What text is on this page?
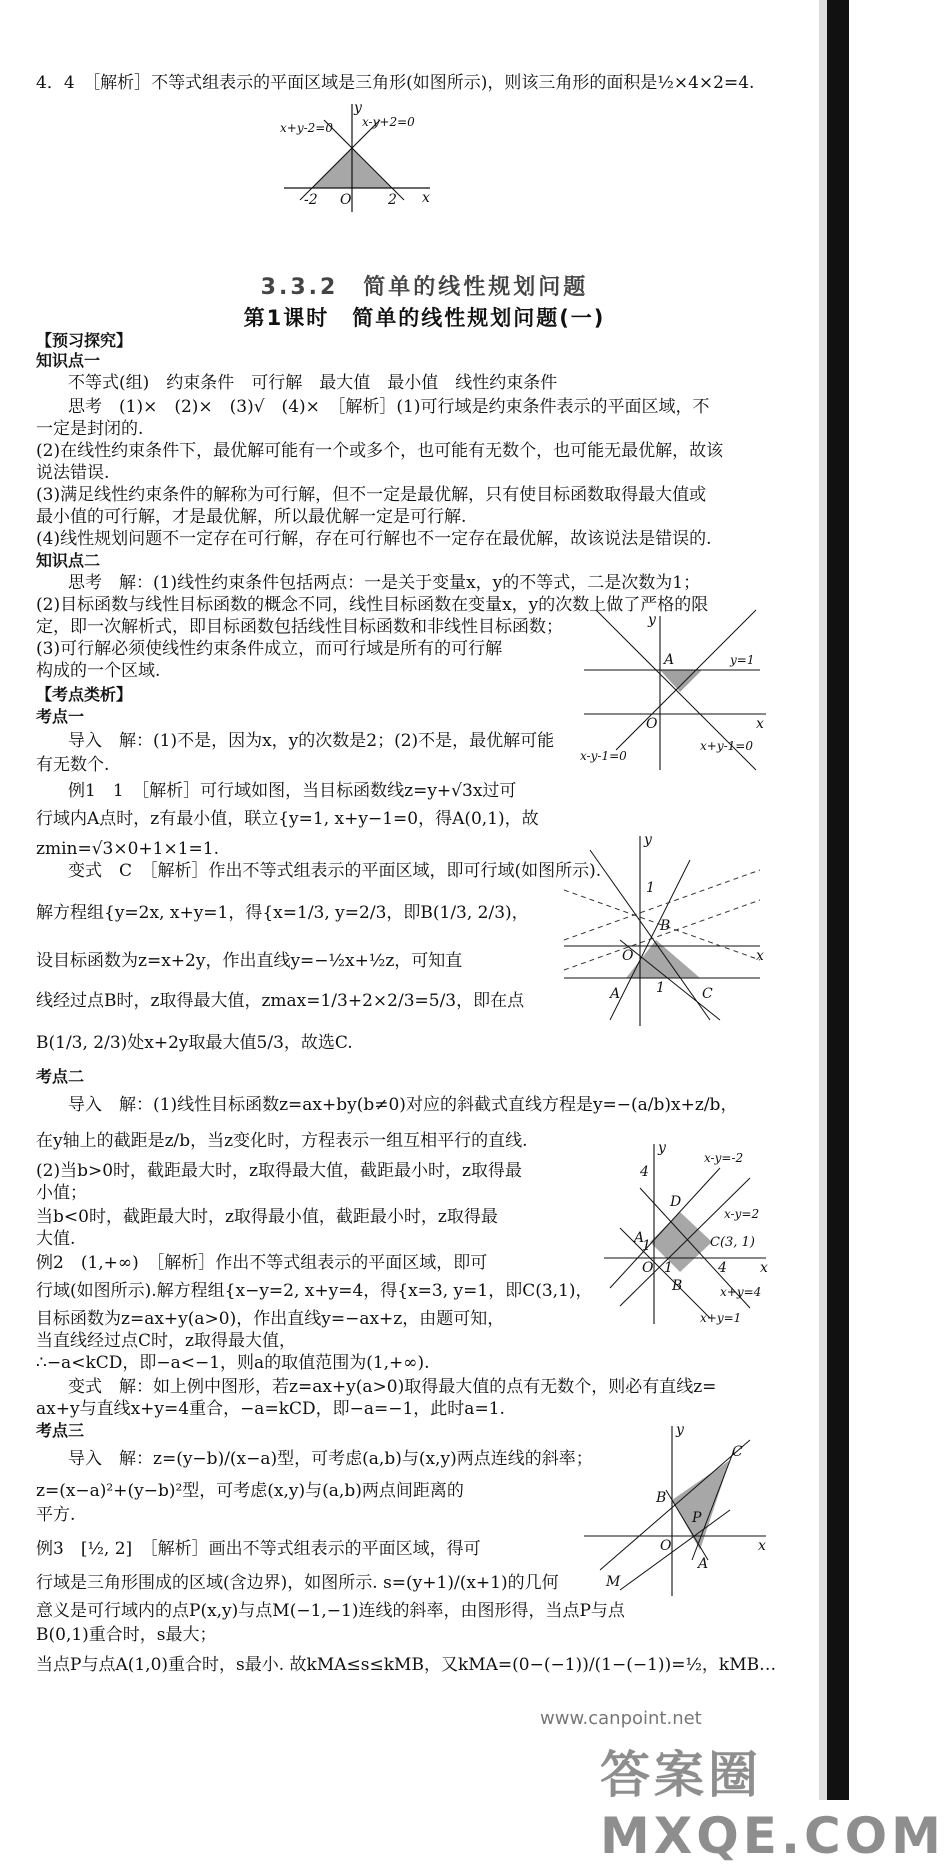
4．4　［解析］不等式组表示的平面区域是三角形(如图所示)，则该三角形的面积是½×4×2=4.
y
x
O
-2	2
x+y-2=0 x-y+2=0
3.3.2　简单的线性规划问题
第1课时　简单的线性规划问题(一)
【预习探究】
知识点一
不等式(组)　约束条件　可行解　最大值　最小值　线性约束条件
思考　(1)×　(2)×　(3)√　(4)×　［解析］(1)可行域是约束条件表示的平面区域，不
一定是封闭的.
(2)在线性约束条件下，最优解可能有一个或多个，也可能有无数个，也可能无最优解，故该
说法错误.
(3)满足线性约束条件的解称为可行解，但不一定是最优解，只有使目标函数取得最大值或
最小值的可行解，才是最优解，所以最优解一定是可行解.
(4)线性规划问题不一定存在可行解，存在可行解也不一定存在最优解，故该说法是错误的.
知识点二
思考　解：(1)线性约束条件包括两点：一是关于变量x，y的不等式，二是次数为1；
(2)目标函数与线性目标函数的概念不同，线性目标函数在变量x，y的次数上做了严格的限
定，即一次解析式，即目标函数包括线性目标函数和非线性目标函数；
(3)可行解必须使线性约束条件成立，而可行域是所有的可行解
构成的一个区域.
【考点类析】
考点一
导入　解：(1)不是，因为x，y的次数是2；(2)不是，最优解可能
有无数个.
例1　1　［解析］可行域如图，当目标函数线z=y+√3x过可
行域内A点时，z有最小值，联立{y=1, x+y−1=0，得A(0,1)，故
zmin=√3×0+1×1=1.
变式　C　［解析］作出不等式组表示的平面区域，即可行域(如图所示).
解方程组{y=2x, x+y=1，得{x=1/3, y=2/3，即B(1/3, 2/3)，
设目标函数为z=x+2y，作出直线y=−½x+½z，可知直
线经过点B时，z取得最大值，zmax=1/3+2×2/3=5/3，即在点
B(1/3, 2/3)处x+2y取最大值5/3，故选C.
考点二
导入　解：(1)线性目标函数z=ax+by(b≠0)对应的斜截式直线方程是y=−(a/b)x+z/b，
在y轴上的截距是z/b，当z变化时，方程表示一组互相平行的直线.
(2)当b>0时，截距最大时，z取得最大值，截距最小时，z取得最
小值；
当b<0时，截距最大时，z取得最小值，截距最小时，z取得最
大值.
例2　(1,+∞)　［解析］作出不等式组表示的平面区域，即可
行域(如图所示).解方程组{x−y=2, x+y=4，得{x=3, y=1，即C(3,1)，
目标函数为z=ax+y(a>0)，作出直线y=−ax+z，由题可知，
当直线经过点C时，z取得最大值，
∴−a<kCD，即−a<−1，则a的取值范围为(1,+∞).
变式　解：如上例中图形，若z=ax+y(a>0)取得最大值的点有无数个，则必有直线z=
ax+y与直线x+y=4重合，−a=kCD，即−a=−1，此时a=1.
考点三
导入　解：z=(y−b)/(x−a)型，可考虑(a,b)与(x,y)两点连线的斜率；
z=(x−a)²+(y−b)²型，可考虑(x,y)与(a,b)两点间距离的
平方.
例3　[½, 2]　［解析］画出不等式组表示的平面区域，得可
行域是三角形围成的区域(含边界)，如图所示. s=(y+1)/(x+1)的几何
意义是可行域内的点P(x,y)与点M(−1,−1)连线的斜率，由图形得，当点P与点
B(0,1)重合时，s最大；
当点P与点A(1,0)重合时，s最小. 故kMA≤s≤kMB，又kMA=(0−(−1))/(1−(−1))=½，kMB…
y
x
A
O
y=1
x-y-1=0
x+y-1=0
y
x
B
O
A	C
1
1
y
x
D
A	C(3, 1)
B
O
1
1	4
4
x-y=-2
x-y=2
x+y=4
x+y=1
y
x
C
B
P
O
A
M
www.canpoint.net
答案圈 MXQE.COM
